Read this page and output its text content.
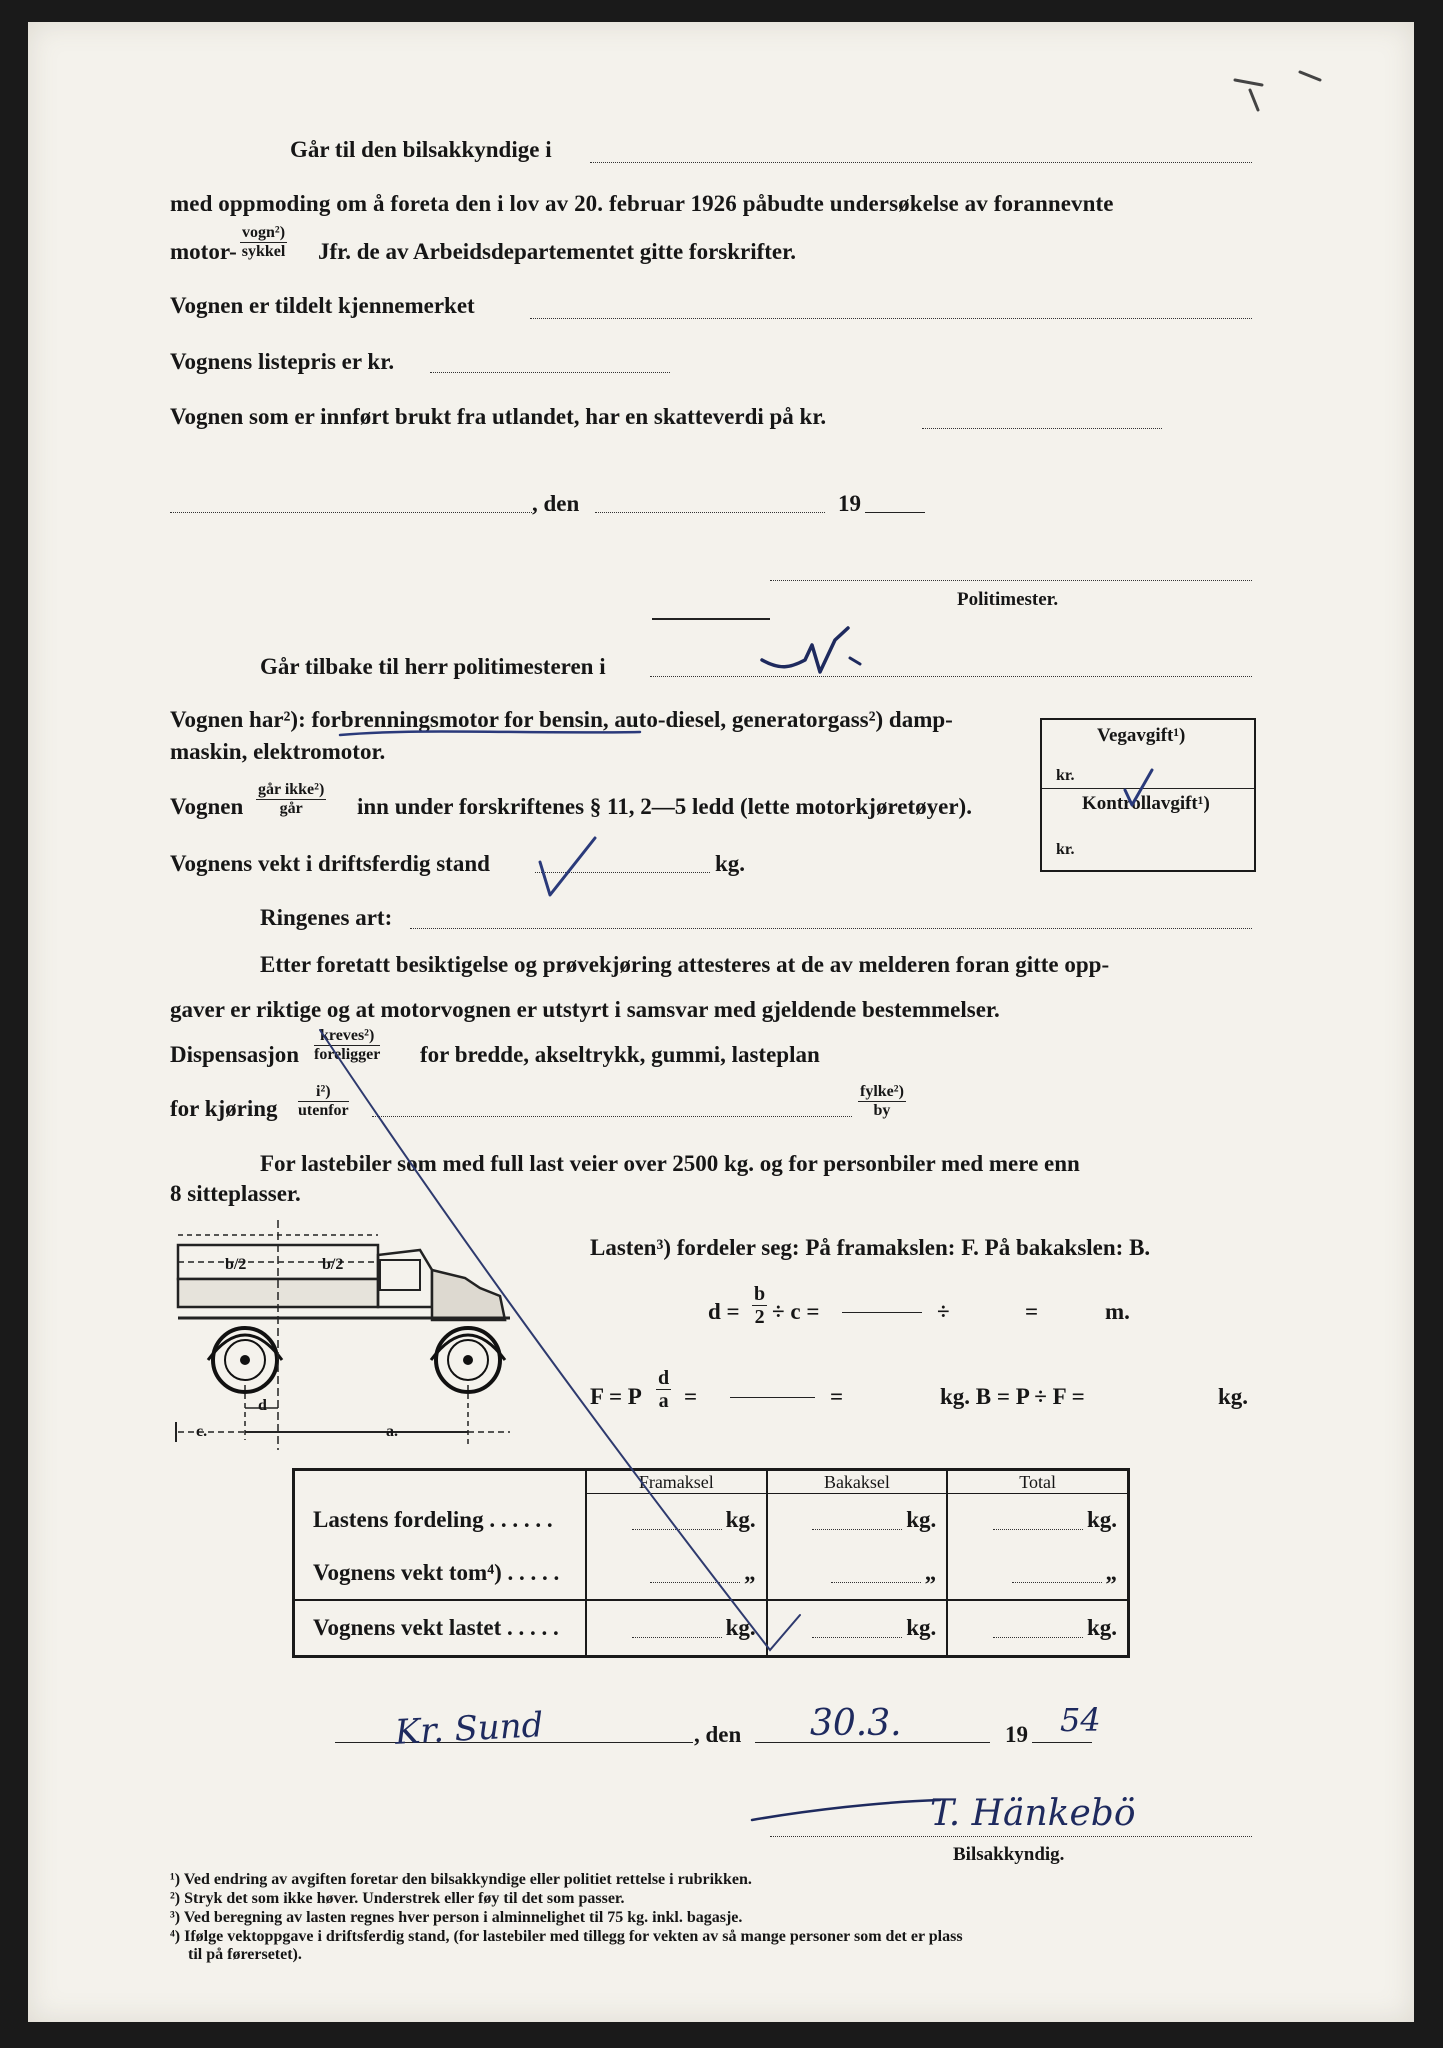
Går til den bilsakkyndige i
med oppmoding om å foreta den i lov av 20. februar 1926 påbudte undersøkelse av forannevnte
motor-
vogn²)
sykkel Jfr. de av Arbeidsdepartementet gitte forskrifter.
Vognen er tildelt kjennemerket
Vognens listepris er kr.
Vognen som er innført brukt fra utlandet, har en skatteverdi på kr.
, den	19
Politimester.
Går tilbake til herr politimesteren i
Vognen har²): forbrenningsmotor for bensin, auto-diesel, generatorgass²) damp-
maskin, elektromotor.
Vognen
går ikke²)
går	inn under forskriftenes § 11, 2—5 ledd (lette motorkjøretøyer).
Vognens vekt i driftsferdig stand	kg.
Vegavgift¹)
kr.
Kontrollavgift¹)
kr.
Ringenes art:
Etter foretatt besiktigelse og prøvekjøring attesteres at de av melderen foran gitte opp-
gaver er riktige og at motorvognen er utstyrt i samsvar med gjeldende bestemmelser.
Dispensasjon
kreves²)
foreligger for bredde, akseltrykk, gummi, lasteplan
for kjøring
i²)
utenfor
fylke²)
by
For lastebiler som med full last veier over 2500 kg. og for personbiler med mere enn
8 sitteplasser.
c.	a.
b/2	b/2
d
Lasten³) fordeler seg: På framakslen: F. På bakakslen: B.
$d = \frac{b}{2} \div c$ =	÷	=	m.
F = P $\frac{d}{a}$ =	=	kg. B = P ÷ F =	kg.
	Framaksel	Bakaksel	Total
Lastens fordeling . . . . . .	kg.	kg.	kg.

Vognens vekt tom⁴) . . . . .	„	„	„

Vognens vekt lastet . . . . .	kg.	kg.	kg.
, den	19
Bilsakkyndig.
¹) Ved endring av avgiften foretar den bilsakkyndige eller politiet rettelse i rubrikken.
²) Stryk det som ikke høver. Understrek eller føy til det som passer.
³) Ved beregning av lasten regnes hver person i alminnelighet til 75 kg. inkl. bagasje.
⁴) Ifølge vektoppgave i driftsferdig stand, (for lastebiler med tillegg for vekten av så mange personer som det er plass
til på førersetet).
Kr. Sund	30.3.	54
T. Hänkebö
